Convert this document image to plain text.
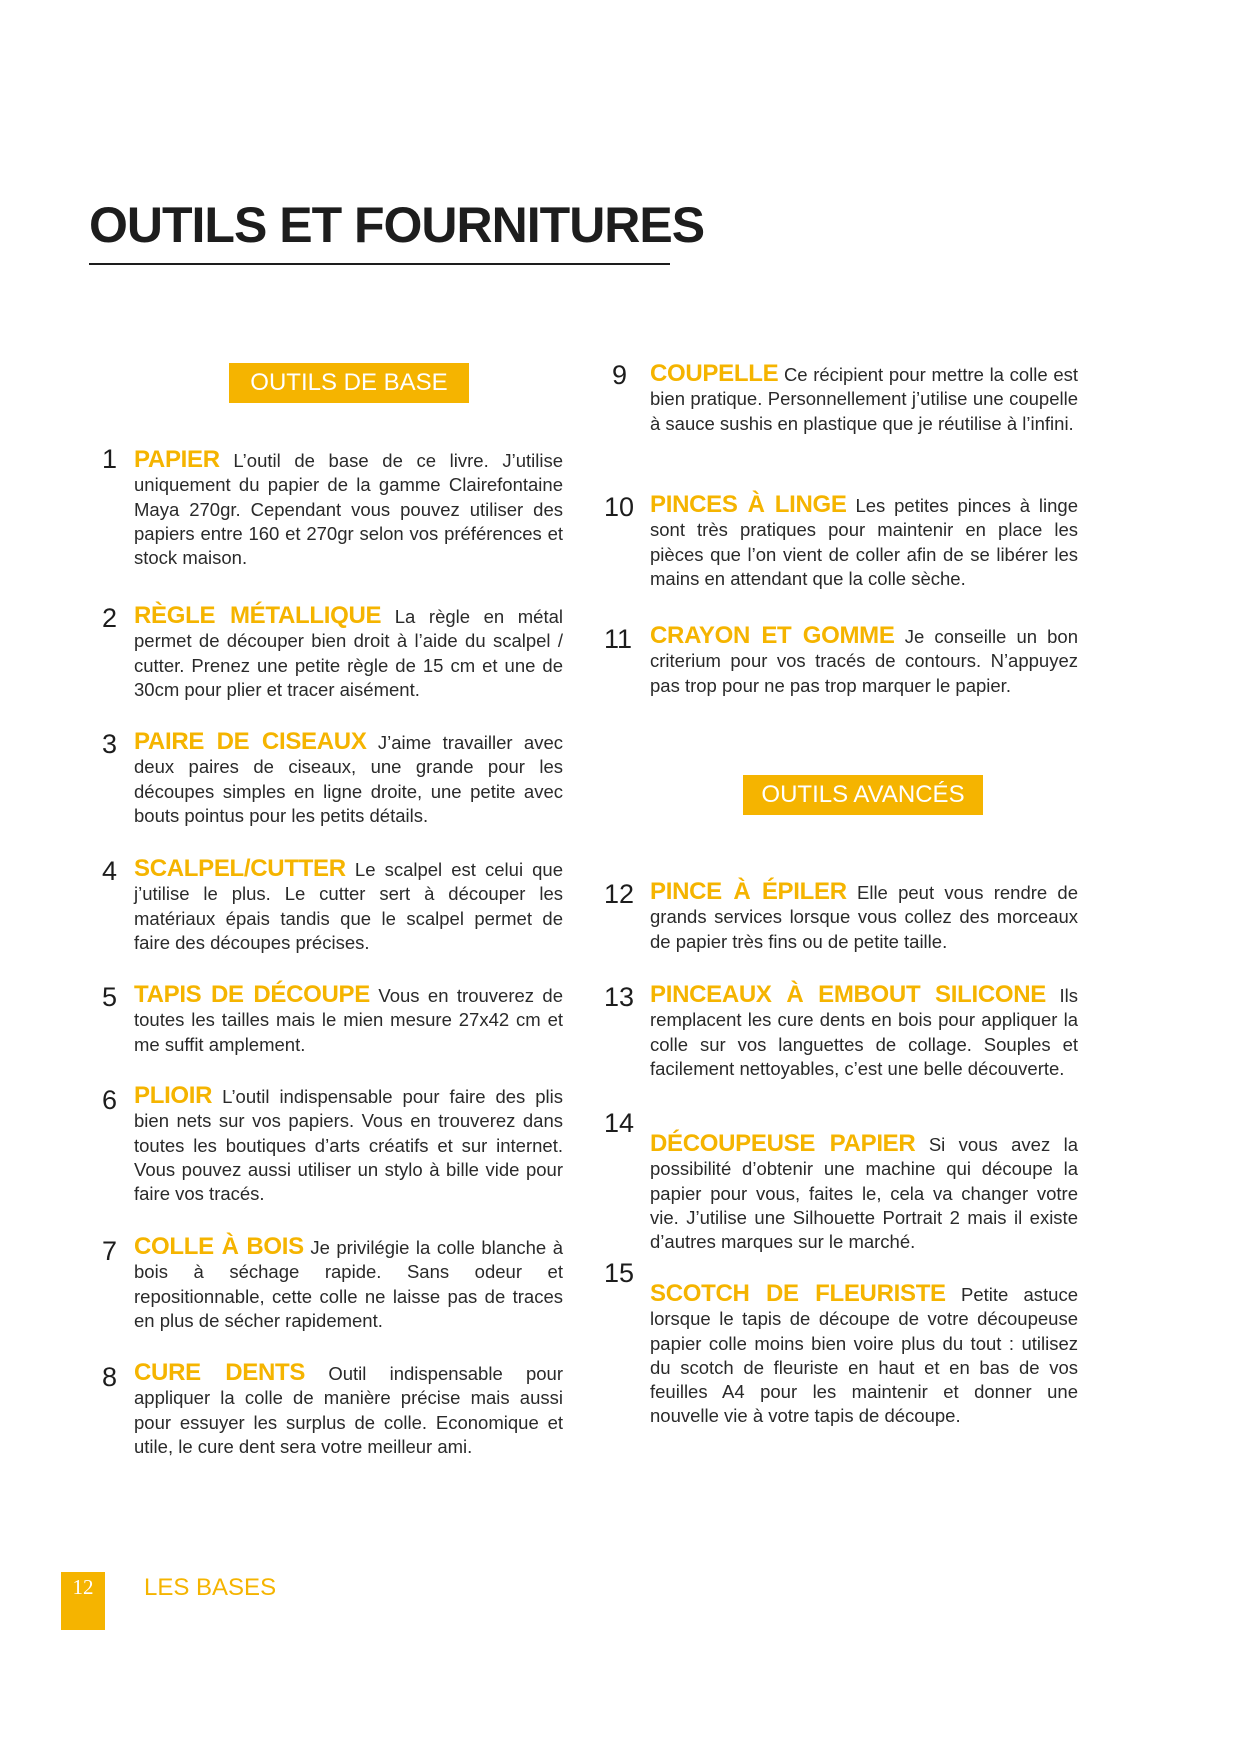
OUTILS ET FOURNITURES
OUTILS DE BASE
OUTILS AVANCÉS
1 PAPIER L’outil de base de ce livre. J’utilise uniquement du papier de la gamme Clairefontaine Maya 270gr. Cependant vous pouvez utiliser des papiers entre 160 et 270gr selon vos préférences et stock maison.

2 RÈGLE MÉTALLIQUE La règle en métal permet de découper bien droit à l’aide du scalpel / cutter. Prenez une petite règle de 15 cm et une de 30cm pour plier et tracer aisément.

3 PAIRE DE CISEAUX J’aime travailler avec deux paires de ciseaux, une grande pour les découpes simples en ligne droite, une petite avec bouts pointus pour les petits détails.

4 SCALPEL/CUTTER Le scalpel est celui que j’utilise le plus. Le cutter sert à découper les matériaux épais tandis que le scalpel permet de faire des découpes précises.

5 TAPIS DE DÉCOUPE Vous en trouverez de toutes les tailles mais le mien mesure 27x42 cm et me suffit amplement.

6 PLIOIR L’outil indispensable pour faire des plis bien nets sur vos papiers. Vous en trouverez dans toutes les boutiques d’arts créatifs et sur internet. Vous pouvez aussi utiliser un stylo à bille vide pour faire vos tracés.

7 COLLE À BOIS Je privilégie la colle blanche à bois à séchage rapide. Sans odeur et repositionnable, cette colle ne laisse pas de traces en plus de sécher rapidement.

8 CURE DENTS Outil indispensable pour appliquer la colle de manière précise mais aussi pour essuyer les surplus de colle. Economique et utile, le cure dent sera votre meilleur ami.

9 COUPELLE Ce récipient pour mettre la colle est bien pratique. Personnellement j’utilise une coupelle à sauce sushis en plastique que je réutilise à l’infini.

10 PINCES À LINGE Les petites pinces à linge sont très pratiques pour maintenir en place les pièces que l’on vient de coller afin de se libérer les mains en attendant que la colle sèche.

11 CRAYON ET GOMME Je conseille un bon criterium pour vos tracés de contours. N’appuyez pas trop pour ne pas trop marquer le papier.

12 PINCE À ÉPILER Elle peut vous rendre de grands services lorsque vous collez des morceaux de papier très fins ou de petite taille.

13 PINCEAUX À EMBOUT SILICONE Ils remplacent les cure dents en bois pour appliquer la colle sur vos languettes de collage. Souples et facilement nettoyables, c’est une belle découverte.

14

DÉCOUPEUSE PAPIER Si vous avez la possibilité d’obtenir une machine qui découpe la papier pour vous, faites le, cela va changer votre vie. J’utilise une Silhouette Portrait 2 mais il existe d’autres marques sur le marché.

15

SCOTCH DE FLEURISTE Petite astuce lorsque le tapis de découpe de votre découpeuse papier colle moins bien voire plus du tout : utilisez du scotch de fleuriste en haut et en bas de vos feuilles A4 pour les maintenir et donner une nouvelle vie à votre tapis de découpe.

12	LES BASES
